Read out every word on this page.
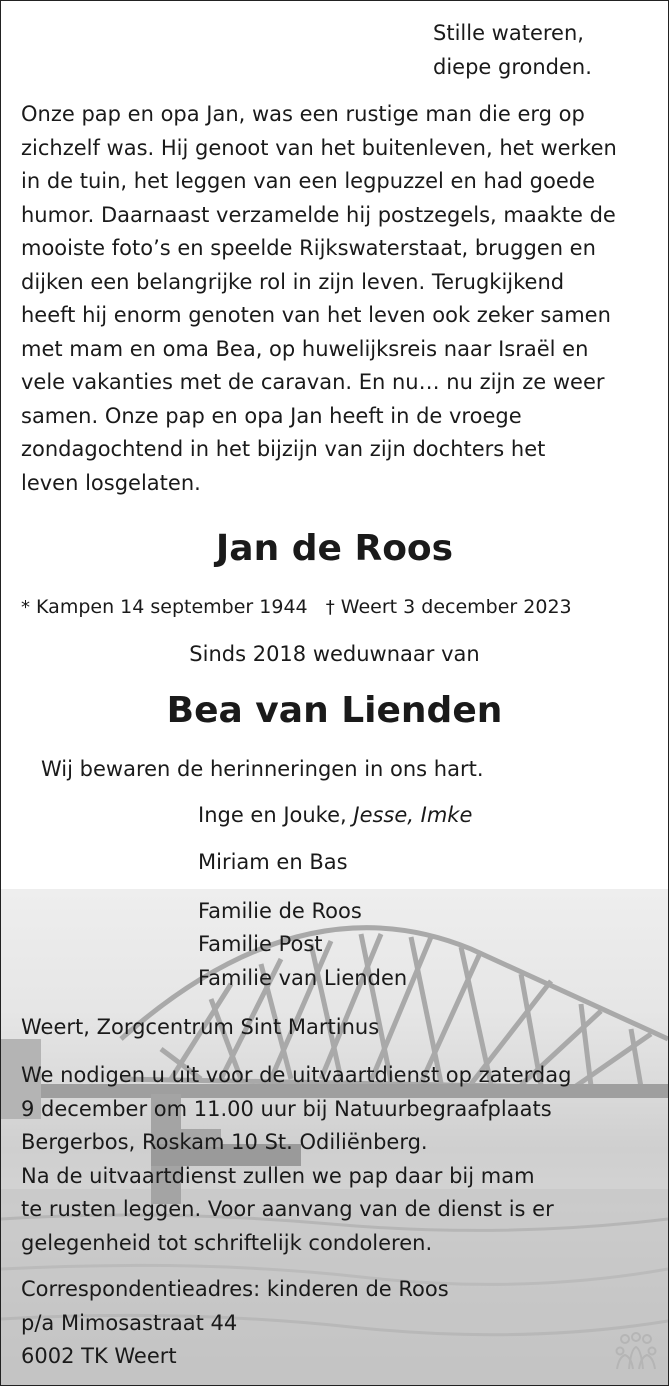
Stille wateren,
diepe gronden.
Onze pap en opa Jan, was een rustige man die erg op
zichzelf was. Hij genoot van het buitenleven, het werken
in de tuin, het leggen van een legpuzzel en had goede
humor. Daarnaast verzamelde hij postzegels, maakte de
mooiste foto’s en speelde Rijkswaterstaat, bruggen en
dijken een belangrijke rol in zijn leven. Terugkijkend
heeft hij enorm genoten van het leven ook zeker samen
met mam en oma Bea, op huwelijksreis naar Israël en
vele vakanties met de caravan. En nu… nu zijn ze weer
samen. Onze pap en opa Jan heeft in de vroege
zondagochtend in het bijzijn van zijn dochters het
leven losgelaten.
Jan de Roos
* Kampen 14 september 1944 † Weert 3 december 2023
Sinds 2018 weduwnaar van
Bea van Lienden
Wij bewaren de herinneringen in ons hart.
Inge en Jouke, Jesse, Imke
Miriam en Bas
Familie de Roos
Familie Post
Familie van Lienden
Weert, Zorgcentrum Sint Martinus
We nodigen u uit voor de uitvaartdienst op zaterdag
9 december om 11.00 uur bij Natuurbegraafplaats
Bergerbos, Roskam 10 St. Odiliënberg.
Na de uitvaartdienst zullen we pap daar bij mam
te rusten leggen. Voor aanvang van de dienst is er
gelegenheid tot schriftelijk condoleren.
Correspondentieadres: kinderen de Roos
p/a Mimosastraat 44
6002 TK Weert
